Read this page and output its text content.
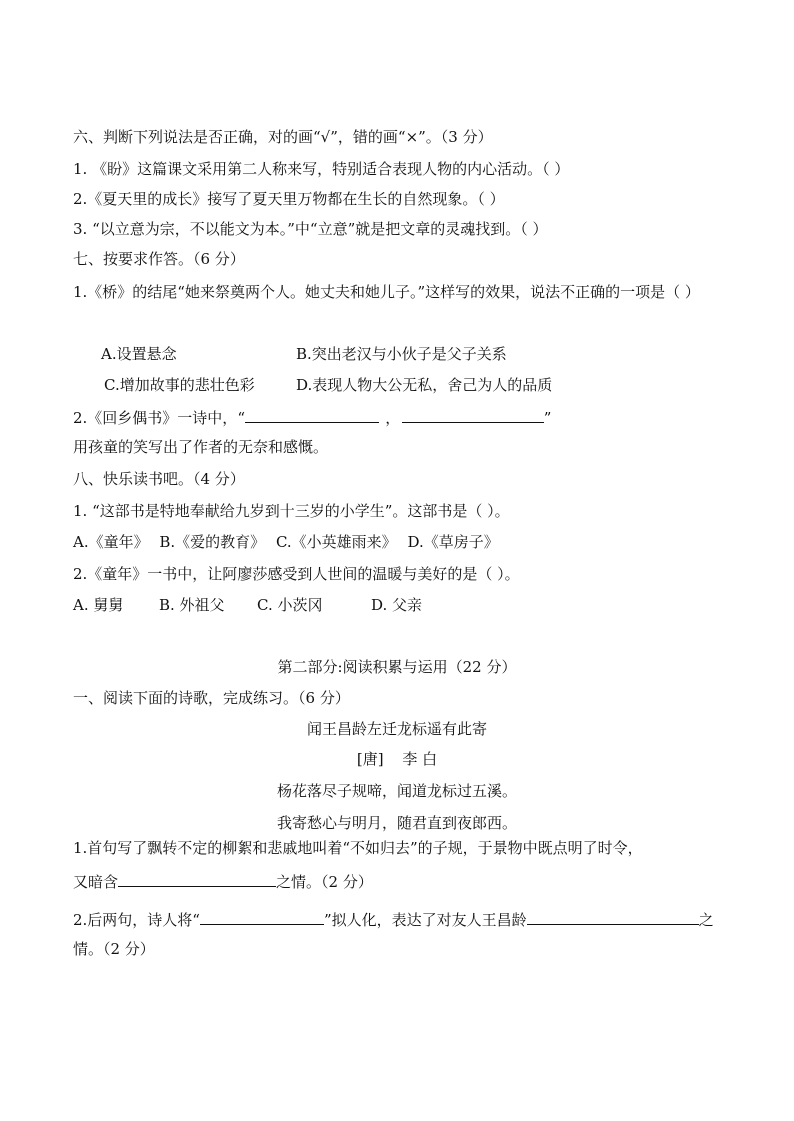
六、判断下列说法是否正确，对的画“√”，错的画“×”。（3 分）
1. 《盼》这篇课文采用第二人称来写，特别适合表现人物的内心活动。（ ）
2.《夏天里的成长》接写了夏天里万物都在生长的自然现象。（ ）
3. “以立意为宗，不以能文为本。”中“立意”就是把文章的灵魂找到。（ ）
七、按要求作答。（6 分）
1.《桥》的结尾“她来祭奠两个人。她丈夫和她儿子。”这样写的效果，说法不正确的一项是（ ）
A.设置悬念	B.突出老汉与小伙子是父子关系
C.增加故事的悲壮色彩	D.表现人物大公无私，舍己为人的品质
2.《回乡偶书》一诗中，“	，	”
用孩童的笑写出了作者的无奈和感慨。
八、快乐读书吧。（4 分）
1. “这部书是特地奉献给九岁到十三岁的小学生”。这部书是（ ）。
A.《童年》 B.《爱的教育》 C.《小英雄雨来》 D.《草房子》
2.《童年》一书中，让阿廖莎感受到人世间的温暖与美好的是（ ）。
A. 舅舅 B. 外祖父 C. 小茨冈	D. 父亲
第二部分:阅读积累与运用（22 分）
一、阅读下面的诗歌，完成练习。（6 分）
闻王昌龄左迁龙标遥有此寄
[唐] 李 白
杨花落尽子规啼，闻道龙标过五溪。
我寄愁心与明月，随君直到夜郎西。
1.首句写了飘转不定的柳絮和悲戚地叫着“不如归去”的子规，于景物中既点明了时令，
又暗含	之情。（2 分）
2.后两句，诗人将“	”拟人化，表达了对友人王昌龄	之
情。（2 分）
